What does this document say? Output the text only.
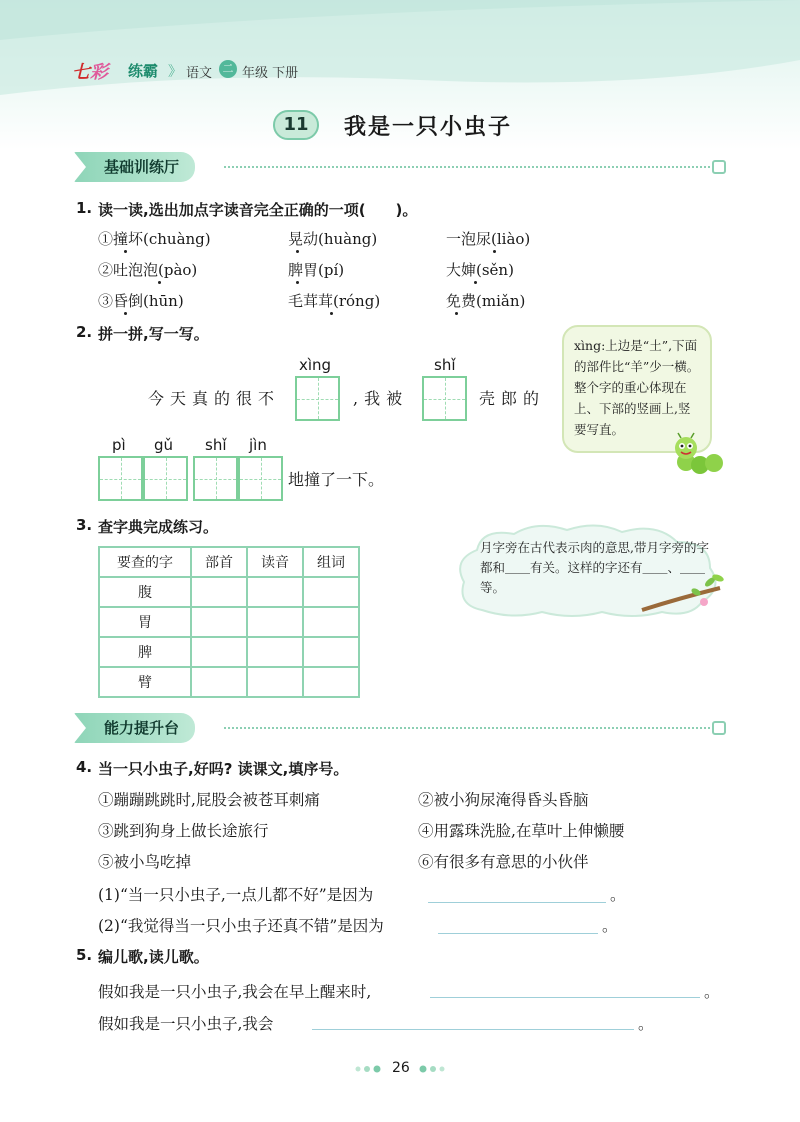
七彩 练霸 》 语文 二 年级 下册
11	我是一只小虫子
基础训练厅
1. 读一读,选出加点字读音完全正确的一项(　　)。
①撞坏(chuàng)	晃动(huàng)	一泡尿(liào)
②吐泡泡(pào)	脾胃(pí)	大婶(sěn)
③昏倒(hūn)	毛茸茸(róng)	免费(miǎn)
2. 拼一拼,写一写。
xìng	shǐ
今天真的很不	,我被	壳郎的
pì gǔ shǐ jìn
地撞了一下。
xìng:上边是“土”,下面的部件比“羊”少一横。整个字的重心体现在上、下部的竖画上,竖要写直。
3. 查字典完成练习。
要查的字	部首	读音	组词
腹			
胃			
脾			
臂			
月字旁在古代表示肉的意思,带月字旁的字都和＿＿有关。这样的字还有＿＿、＿＿等。
能力提升台
4. 当一只小虫子,好吗? 读课文,填序号。
①蹦蹦跳跳时,屁股会被苍耳刺痛	②被小狗尿淹得昏头昏脑
③跳到狗身上做长途旅行	④用露珠洗脸,在草叶上伸懒腰
⑤被小鸟吃掉	⑥有很多有意思的小伙伴
(1)“当一只小虫子,一点儿都不好”是因为	。
(2)“我觉得当一只小虫子还真不错”是因为	。
5. 编儿歌,读儿歌。
假如我是一只小虫子,我会在早上醒来时,	。
假如我是一只小虫子,我会	。
26
